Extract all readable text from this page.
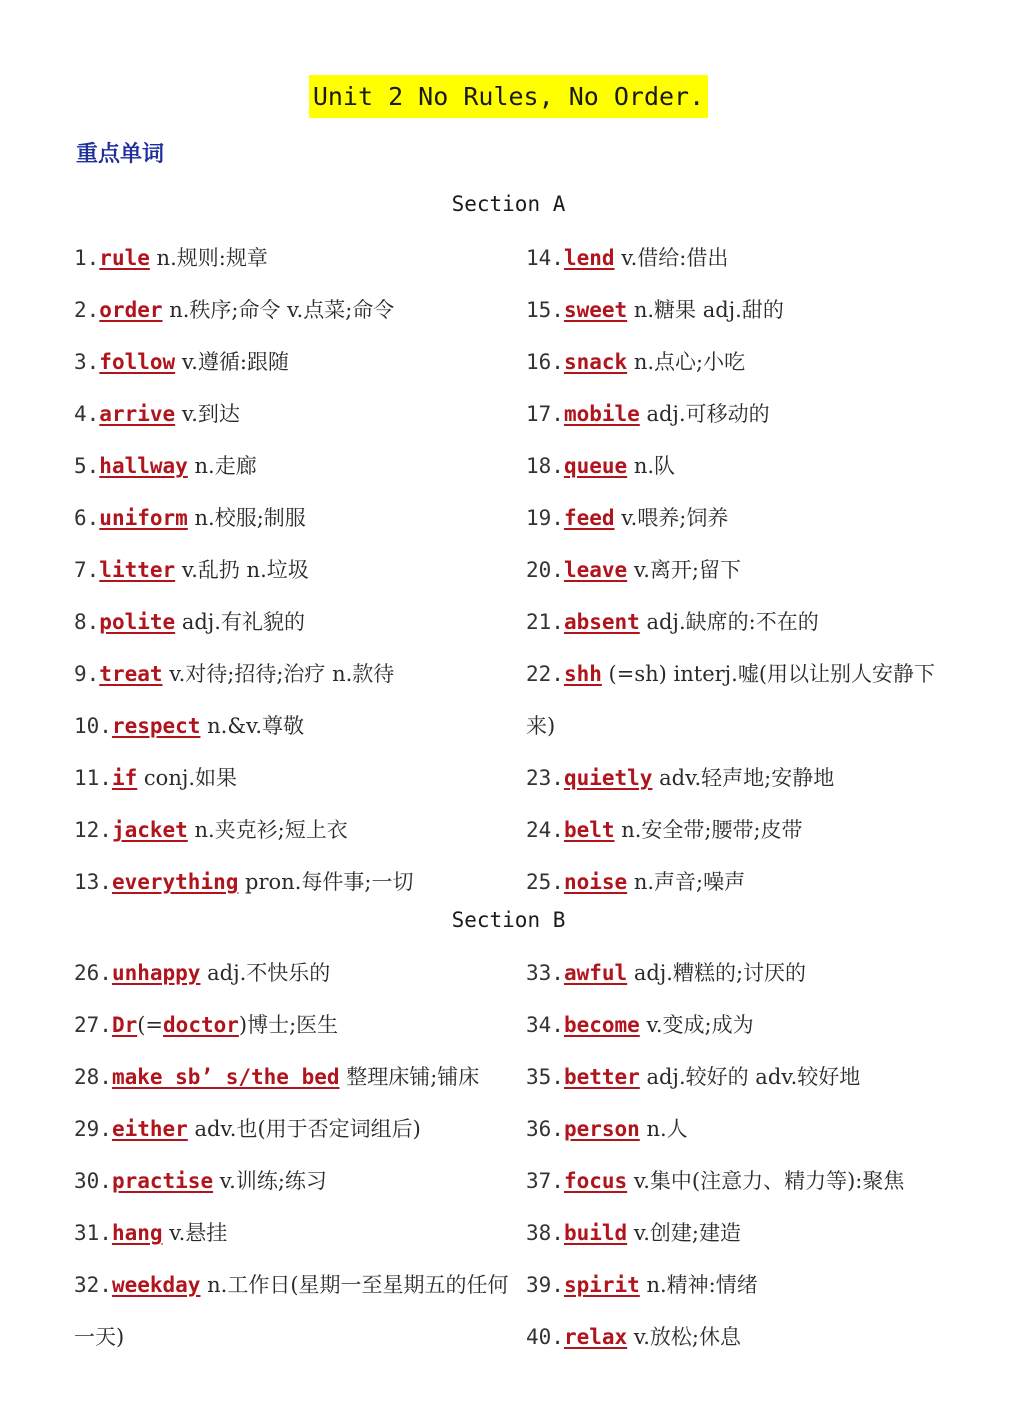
Unit 2 No Rules, No Order.
重点单词
Section A
1.rule n.规则:规章
2.order n.秩序;命令 v.点菜;命令
3.follow v.遵循:跟随
4.arrive v.到达
5.hallway n.走廊
6.uniform n.校服;制服
7.litter v.乱扔 n.垃圾
8.polite adj.有礼貌的
9.treat v.对待;招待;治疗 n.款待
10.respect n.&v.尊敬
11.if conj.如果
12.jacket n.夹克衫;短上衣
13.everything pron.每件事;一切
14.lend v.借给:借出
15.sweet n.糖果 adj.甜的
16.snack n.点心;小吃
17.mobile adj.可移动的
18.queue n.队
19.feed v.喂养;饲养
20.leave v.离开;留下
21.absent adj.缺席的:不在的
22.shh (=sh) interj.嘘(用以让别人安静下来)
23.quietly adv.轻声地;安静地
24.belt n.安全带;腰带;皮带
25.noise n.声音;噪声
Section B
26.unhappy adj.不快乐的
27.Dr(=doctor)博士;医生
28.make sb’ s/the bed 整理床铺;铺床
29.either adv.也(用于否定词组后)
30.practise v.训练;练习
31.hang v.悬挂
32.weekday n.工作日(星期一至星期五的任何一天)
33.awful adj.糟糕的;讨厌的
34.become v.变成;成为
35.better adj.较好的 adv.较好地
36.person n.人
37.focus v.集中(注意力、精力等):聚焦
38.build v.创建;建造
39.spirit n.精神:情绪
40.relax v.放松;休息
